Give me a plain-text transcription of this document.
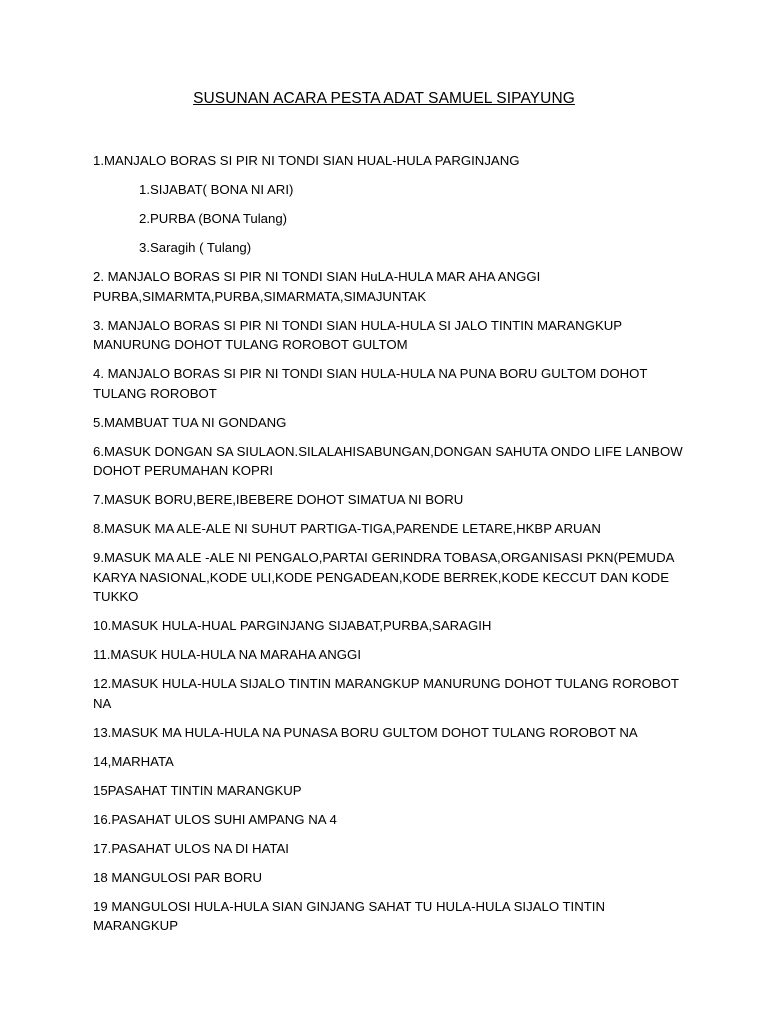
SUSUNAN ACARA PESTA ADAT SAMUEL SIPAYUNG

1.MANJALO BORAS SI PIR NI TONDI SIAN HUAL-HULA PARGINJANG

1.SIJABAT( BONA NI ARI)

2.PURBA (BONA Tulang)

3.Saragih ( Tulang)

2. MANJALO BORAS SI PIR NI TONDI SIAN HuLA-HULA MAR AHA ANGGI PURBA,SIMARMTA,PURBA,SIMARMATA,SIMAJUNTAK

3. MANJALO BORAS SI PIR NI TONDI SIAN HULA-HULA SI JALO TINTIN MARANGKUP MANURUNG DOHOT TULANG ROROBOT GULTOM

4. MANJALO BORAS SI PIR NI TONDI SIAN HULA-HULA NA PUNA BORU GULTOM DOHOT TULANG ROROBOT

5.MAMBUAT TUA NI GONDANG

6.MASUK DONGAN SA SIULAON.SILALAHISABUNGAN,DONGAN SAHUTA ONDO LIFE LANBOW DOHOT PERUMAHAN KOPRI

7.MASUK BORU,BERE,IBEBERE DOHOT SIMATUA NI BORU

8.MASUK MA ALE-ALE NI SUHUT PARTIGA-TIGA,PARENDE LETARE,HKBP ARUAN

9.MASUK MA ALE -ALE NI PENGALO,PARTAI GERINDRA TOBASA,ORGANISASI PKN(PEMUDA KARYA NASIONAL,KODE ULI,KODE PENGADEAN,KODE BERREK,KODE KECCUT DAN KODE TUKKO

10.MASUK HULA-HUAL PARGINJANG SIJABAT,PURBA,SARAGIH

11.MASUK HULA-HULA NA MARAHA ANGGI

12.MASUK HULA-HULA SIJALO TINTIN MARANGKUP MANURUNG DOHOT TULANG ROROBOT NA

13.MASUK MA HULA-HULA NA PUNASA BORU GULTOM DOHOT TULANG ROROBOT NA

14,MARHATA

15PASAHAT TINTIN MARANGKUP

16.PASAHAT ULOS SUHI AMPANG NA 4

17.PASAHAT ULOS NA DI HATAI

18 MANGULOSI PAR BORU

19 MANGULOSI HULA-HULA SIAN GINJANG SAHAT TU HULA-HULA SIJALO TINTIN MARANGKUP
